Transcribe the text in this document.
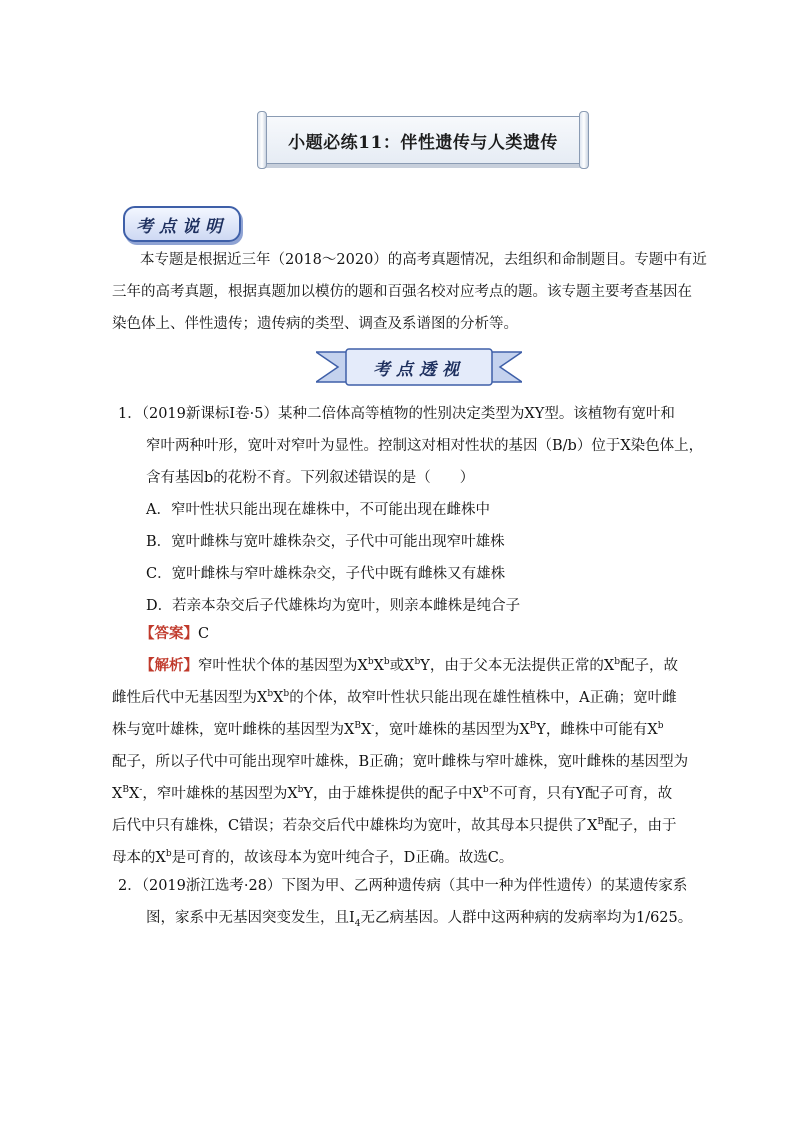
小题必练11：伴性遗传与人类遗传
考点说明
本专题是根据近三年（2018～2020）的高考真题情况，去组织和命制题目。专题中有近
三年的高考真题，根据真题加以模仿的题和百强名校对应考点的题。该专题主要考查基因在
染色体上、伴性遗传；遗传病的类型、调查及系谱图的分析等。
考点透视
1．（2019新课标Ⅰ卷·5）某种二倍体高等植物的性别决定类型为XY型。该植物有宽叶和
窄叶两种叶形，宽叶对窄叶为显性。控制这对相对性状的基因（B/b）位于X染色体上，
含有基因b的花粉不育。下列叙述错误的是（　　）
A．窄叶性状只能出现在雄株中，不可能出现在雌株中
B．宽叶雌株与宽叶雄株杂交，子代中可能出现窄叶雄株
C．宽叶雌株与窄叶雄株杂交，子代中既有雌株又有雄株
D．若亲本杂交后子代雄株均为宽叶，则亲本雌株是纯合子
【答案】C
【解析】窄叶性状个体的基因型为$X^bX^b$或$X^bY$，由于父本无法提供正常的$X^b$配子，故
雌性后代中无基因型为$X^bX^b$的个体，故窄叶性状只能出现在雄性植株中，A正确；宽叶雌
株与宽叶雄株，宽叶雌株的基因型为$X^BX^-$，宽叶雄株的基因型为$X^BY$，雌株中可能有$X^b$
配子，所以子代中可能出现窄叶雄株，B正确；宽叶雌株与窄叶雄株，宽叶雌株的基因型为
$X^BX^-$，窄叶雄株的基因型为$X^bY$，由于雄株提供的配子中$X^b$不可育，只有Y配子可育，故
后代中只有雄株，C错误；若杂交后代中雄株均为宽叶，故其母本只提供了$X^B$配子，由于
母本的$X^b$是可育的，故该母本为宽叶纯合子，D正确。故选C。
2．（2019浙江选考·28）下图为甲、乙两种遗传病（其中一种为伴性遗传）的某遗传家系
图，家系中无基因突变发生，且$Ⅰ_4$无乙病基因。人群中这两种病的发病率均为1/625。
